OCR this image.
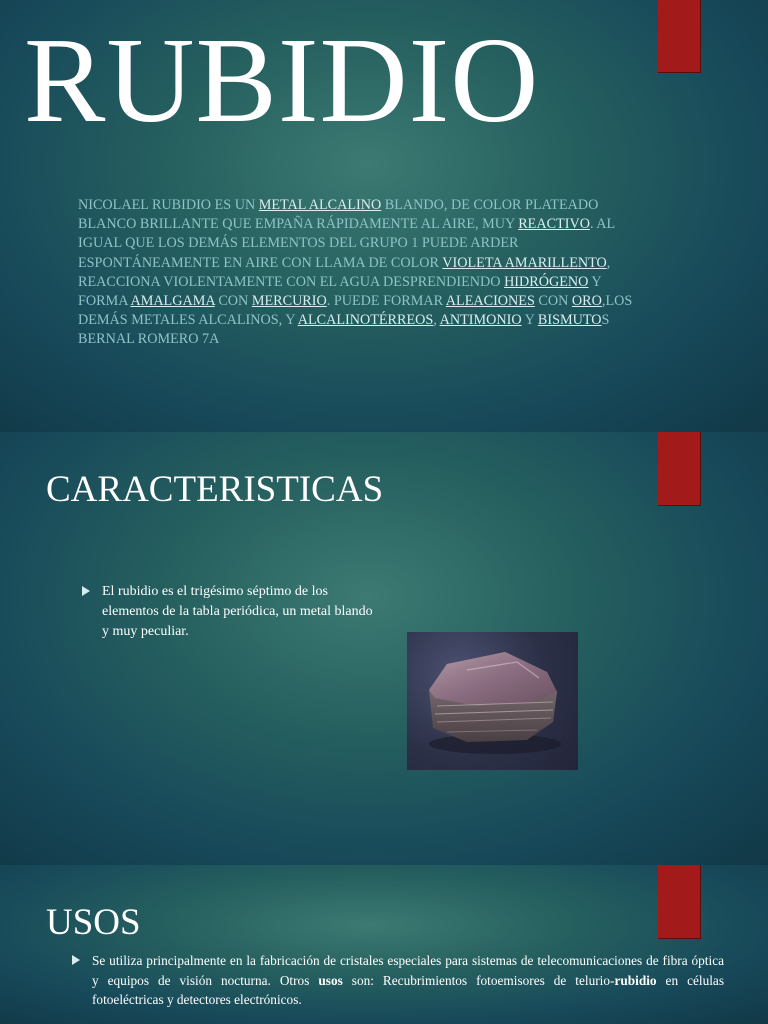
RUBIDIO

NICOLAEL RUBIDIO ES UN METAL ALCALINO BLANDO, DE COLOR PLATEADO BLANCO BRILLANTE QUE EMPAÑA RÁPIDAMENTE AL AIRE, MUY REACTIVO. AL IGUAL QUE LOS DEMÁS ELEMENTOS DEL GRUPO 1 PUEDE ARDER ESPONTÁNEAMENTE EN AIRE CON LLAMA DE COLOR VIOLETA AMARILLENTO, REACCIONA VIOLENTAMENTE CON EL AGUA DESPRENDIENDO HIDRÓGENO Y FORMA AMALGAMA CON MERCURIO. PUEDE FORMAR ALEACIONES CON ORO,LOS DEMÁS METALES ALCALINOS, Y ALCALINOTÉRREOS, ANTIMONIO Y BISMUTOS BERNAL ROMERO 7A

CARACTERISTICAS
El rubidio es el trigésimo séptimo de los elementos de la tabla periódica, un metal blando y muy peculiar.
USOS
Se utiliza principalmente en la fabricación de cristales especiales para sistemas de telecomunicaciones de fibra óptica y equipos de visión nocturna. Otros usos son: Recubrimientos fotoemisores de telurio-rubidio en células fotoeléctricas y detectores electrónicos.
